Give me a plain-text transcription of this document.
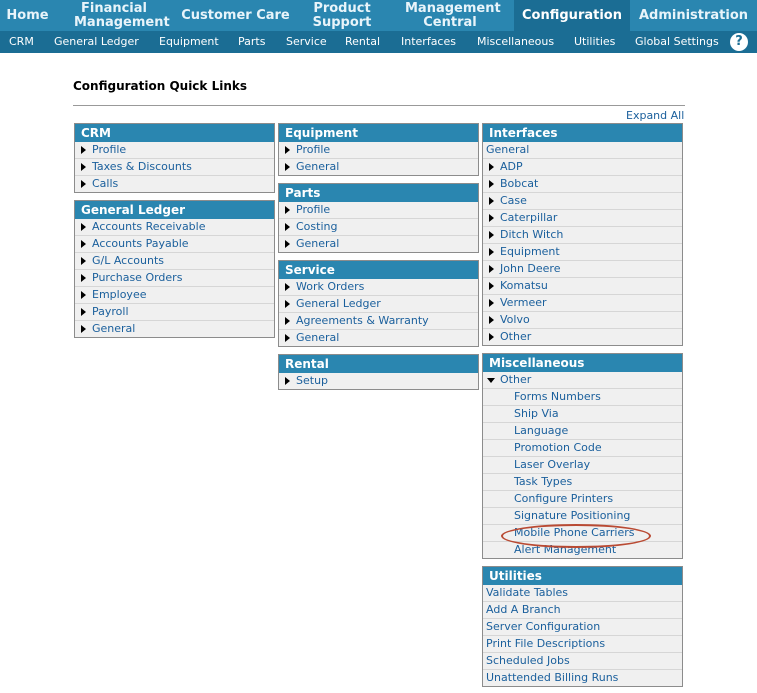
Home	Financial Management Customer Care	Product Support
Management Central	Configuration	Administration
CRM General Ledger Equipment Parts Service Rental Interfaces Miscellaneous Utilities Global Settings	?
Configuration Quick Links
Expand All
CRM
Profile
Taxes & Discounts
Calls
General Ledger
Accounts Receivable
Accounts Payable
G/L Accounts
Purchase Orders
Employee
Payroll
General
Equipment
Profile
General
Parts
Profile
Costing
General
Service
Work Orders
General Ledger
Agreements & Warranty
General
Rental
Setup
Interfaces
General
ADP
Bobcat
Case
Caterpillar
Ditch Witch
Equipment
John Deere
Komatsu
Vermeer
Volvo
Other
Miscellaneous
Other
Forms Numbers
Ship Via
Language
Promotion Code
Laser Overlay
Task Types
Configure Printers
Signature Positioning
Mobile Phone Carriers
Alert Management
Utilities
Validate Tables
Add A Branch
Server Configuration
Print File Descriptions
Scheduled Jobs
Unattended Billing Runs
